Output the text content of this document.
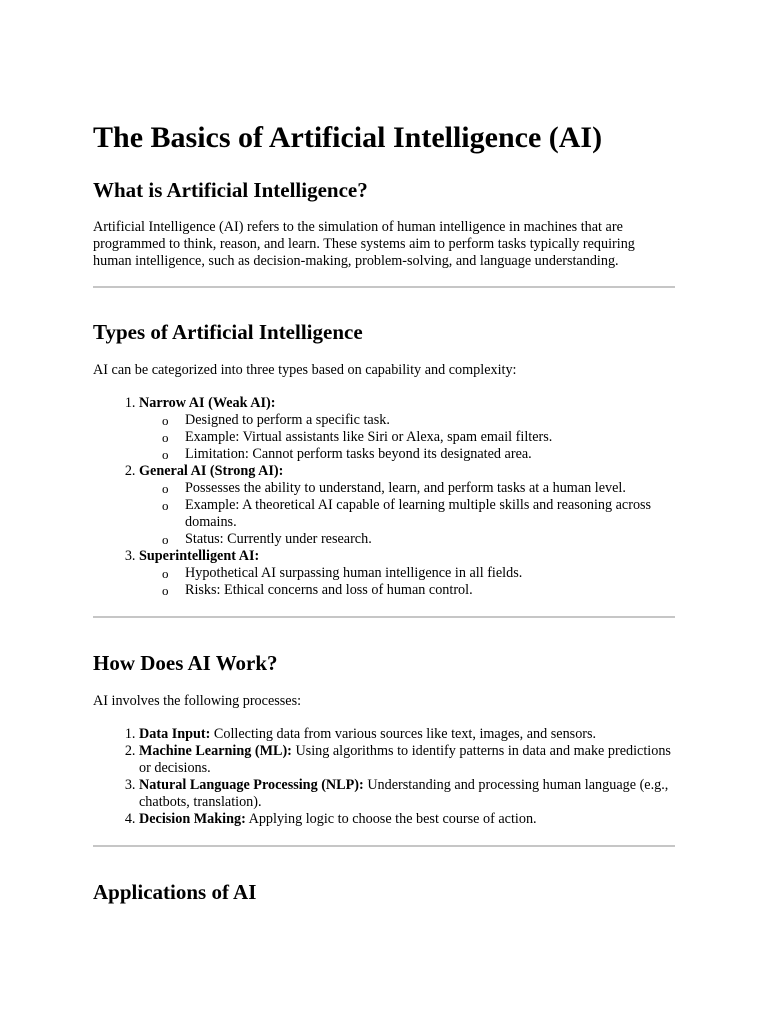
The Basics of Artificial Intelligence (AI)
What is Artificial Intelligence?

Artificial Intelligence (AI) refers to the simulation of human intelligence in machines that are programmed to think, reason, and learn. These systems aim to perform tasks typically requiring human intelligence, such as decision-making, problem-solving, and language understanding.

Types of Artificial Intelligence

AI can be categorized into three types based on capability and complexity:

1. Narrow AI (Weak AI):
o Designed to perform a specific task.
o Example: Virtual assistants like Siri or Alexa, spam email filters.
o Limitation: Cannot perform tasks beyond its designated area.
2. General AI (Strong AI):
o Possesses the ability to understand, learn, and perform tasks at a human level.
o Example: A theoretical AI capable of learning multiple skills and reasoning across domains.
o Status: Currently under research.
3. Superintelligent AI:
o Hypothetical AI surpassing human intelligence in all fields.
o Risks: Ethical concerns and loss of human control.
How Does AI Work?

AI involves the following processes:

1. Data Input: Collecting data from various sources like text, images, and sensors.
2. Machine Learning (ML): Using algorithms to identify patterns in data and make predictions or decisions.
3. Natural Language Processing (NLP): Understanding and processing human language (e.g., chatbots, translation).
4. Decision Making: Applying logic to choose the best course of action.
Applications of AI
